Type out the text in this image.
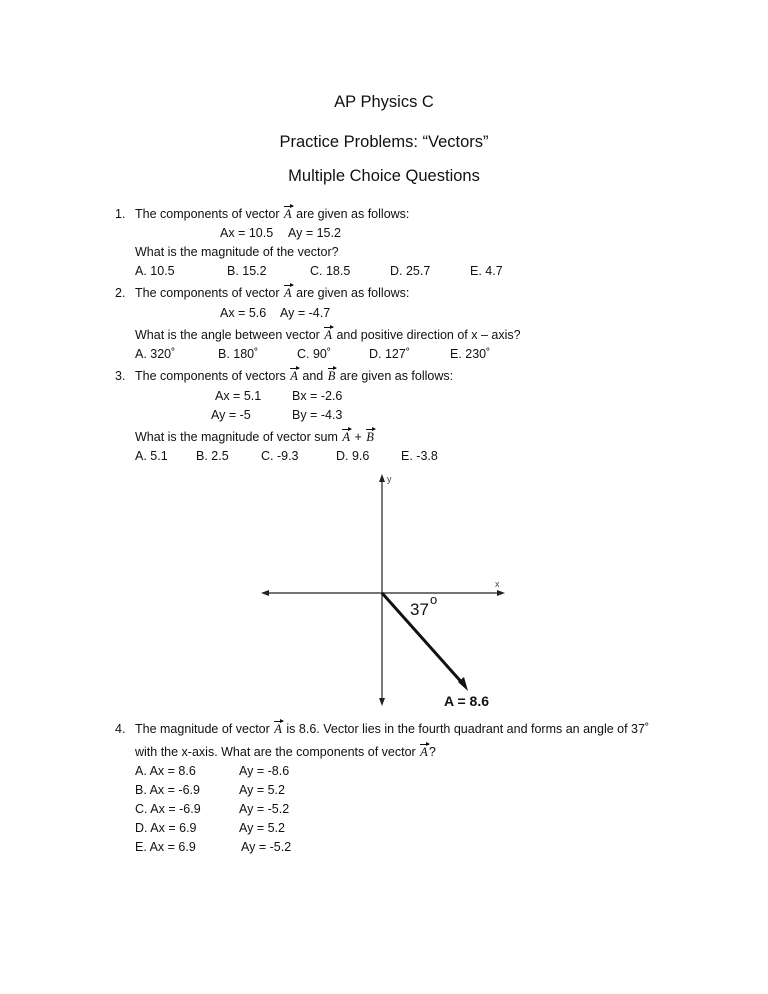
AP Physics C
Practice Problems: “Vectors”
Multiple Choice Questions
1. The components of vector A are given as follows:
Ax = 10.5 Ay = 15.2
What is the magnitude of the vector?
A. 10.5	B. 15.2	C. 18.5	D. 25.7	E. 4.7
2. The components of vector A are given as follows:
Ax = 5.6 Ay = -4.7
What is the angle between vector A and positive direction of x – axis?
A. 320˚	B. 180˚	C. 90˚	D. 127˚	E. 230˚
3. The components of vectors A and B are given as follows:
Ax = 5.1 Bx = -2.6
Ay = -5	By = -4.3
What is the magnitude of vector sum A + B
A. 5.1 B. 2.5	C. -9.3	D. 9.6	E. -3.8
y
x
37
o
A = 8.6
4. The magnitude of vector A is 8.6. Vector lies in the fourth quadrant and forms an angle of 37˚
with the x-axis. What are the components of vector A?
A. Ax = 8.6	Ay = -8.6
B. Ax = -6.9	Ay = 5.2
C. Ax = -6.9	Ay = -5.2
D. Ax = 6.9	Ay = 5.2
E. Ax = 6.9	Ay = -5.2
